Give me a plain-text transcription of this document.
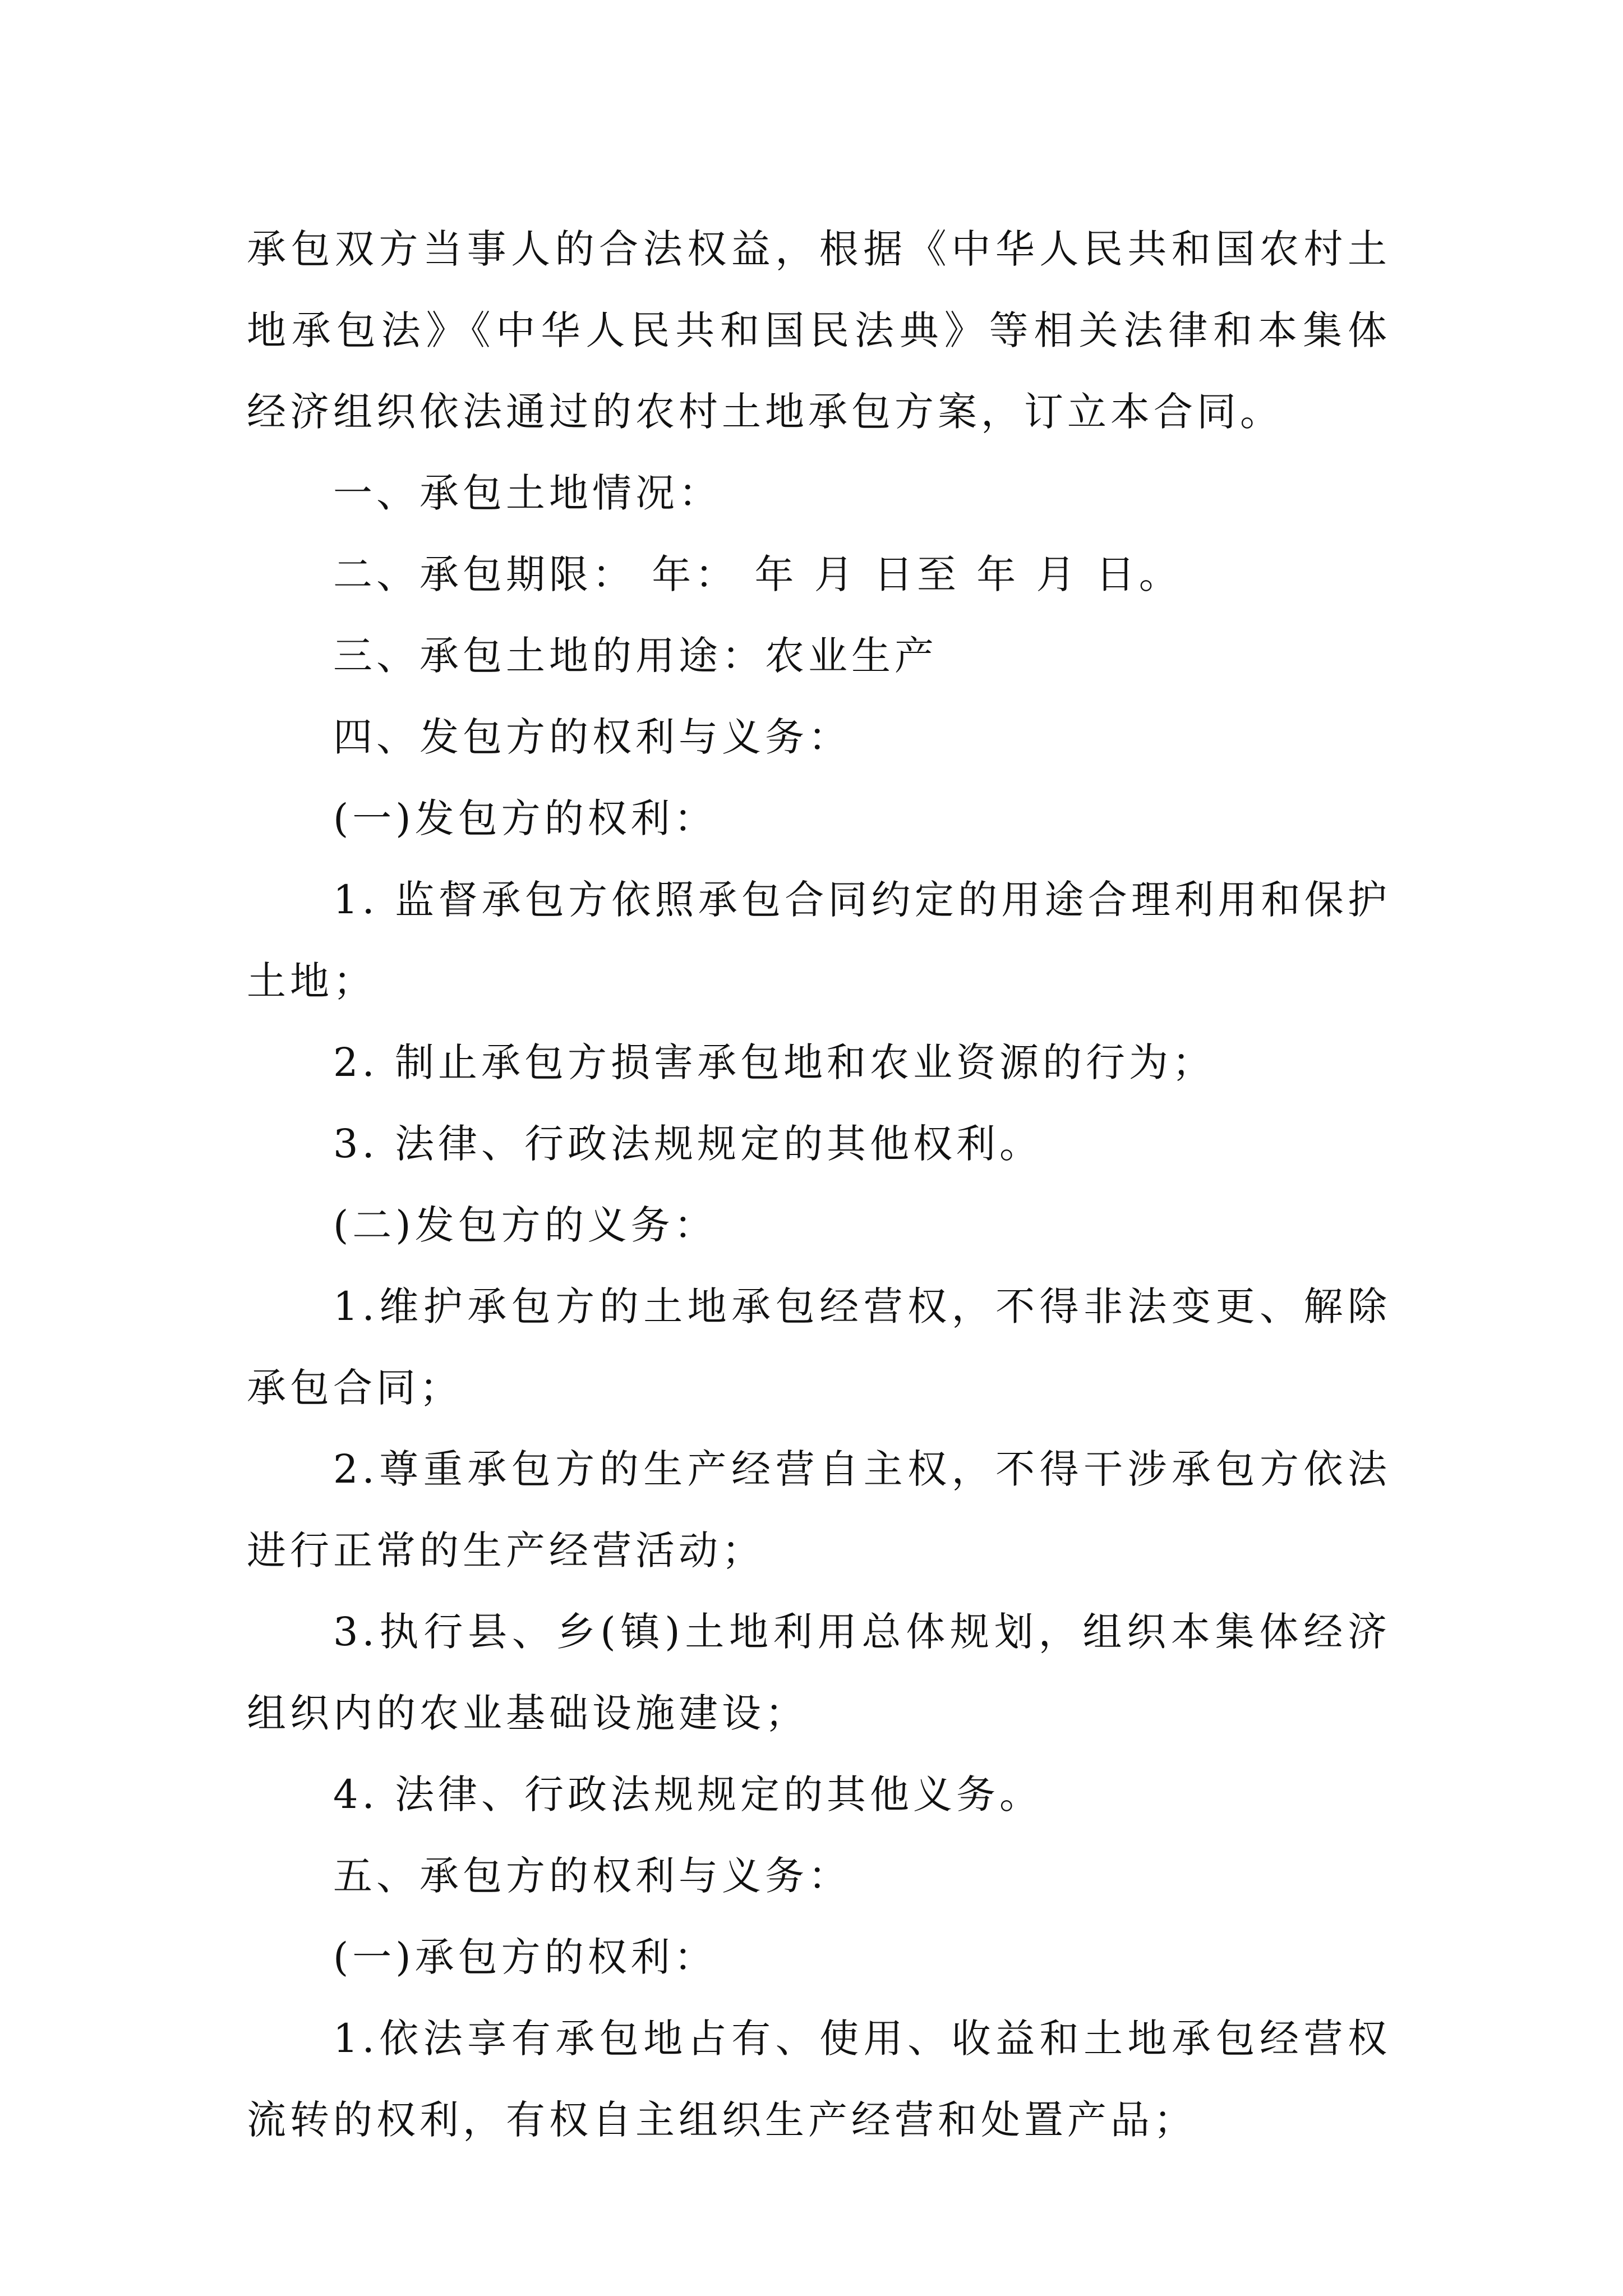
承包双方当事人的合法权益，根据《中华人民共和国农村土地承包法》《中华人民共和国民法典》等相关法律和本集体经济组织依法通过的农村土地承包方案，订立本合同。

一、承包土地情况：

二、承包期限： 年： 年 月 日至 年 月 日。

三、承包土地的用途：农业生产

四、发包方的权利与义务：

(一)发包方的权利：

1. 监督承包方依照承包合同约定的用途合理利用和保护土地；

2. 制止承包方损害承包地和农业资源的行为；

3. 法律、行政法规规定的其他权利。

(二)发包方的义务：

1.维护承包方的土地承包经营权，不得非法变更、解除承包合同；

2.尊重承包方的生产经营自主权，不得干涉承包方依法进行正常的生产经营活动；

3.执行县、乡(镇)土地利用总体规划，组织本集体经济组织内的农业基础设施建设；

4. 法律、行政法规规定的其他义务。

五、承包方的权利与义务：

(一)承包方的权利：

1.依法享有承包地占有、使用、收益和土地承包经营权流转的权利，有权自主组织生产经营和处置产品；
